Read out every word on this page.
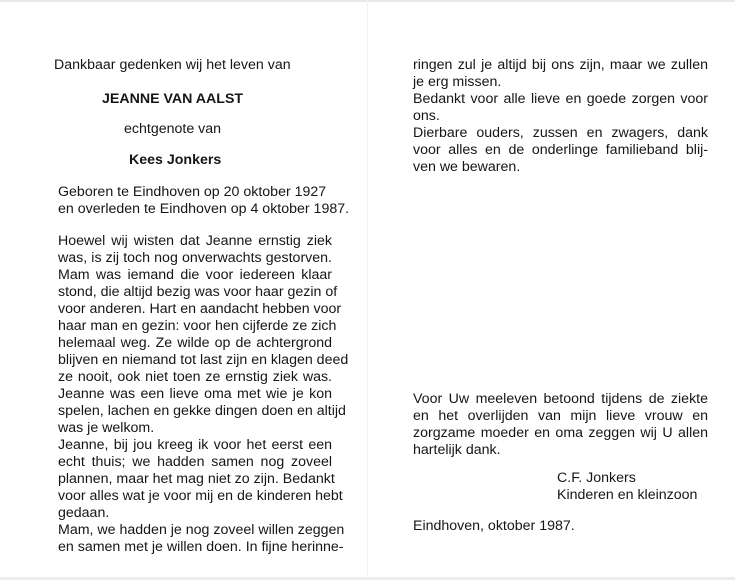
Dankbaar gedenken wij het leven van
JEANNE VAN AALST
echtgenote van
Kees Jonkers
Geboren te Eindhoven op 20 oktober 1927
en overleden te Eindhoven op 4 oktober 1987.
Hoewel wij wisten dat Jeanne ernstig ziek
was, is zij toch nog onverwachts gestorven.
Mam was iemand die voor iedereen klaar
stond, die altijd bezig was voor haar gezin of
voor anderen. Hart en aandacht hebben voor
haar man en gezin: voor hen cijferde ze zich
helemaal weg. Ze wilde op de achtergrond
blijven en niemand tot last zijn en klagen deed
ze nooit, ook niet toen ze ernstig ziek was.
Jeanne was een lieve oma met wie je kon
spelen, lachen en gekke dingen doen en altijd
was je welkom.
Jeanne, bij jou kreeg ik voor het eerst een
echt thuis; we hadden samen nog zoveel
plannen, maar het mag niet zo zijn. Bedankt
voor alles wat je voor mij en de kinderen hebt
gedaan.
Mam, we hadden je nog zoveel willen zeggen
en samen met je willen doen. In fijne herinne-
ringen zul je altijd bij ons zijn, maar we zullen
je erg missen.
Bedankt voor alle lieve en goede zorgen voor
ons.
Dierbare ouders, zussen en zwagers, dank
voor alles en de onderlinge familieband blij-
ven we bewaren.
Voor Uw meeleven betoond tijdens de ziekte
en het overlijden van mijn lieve vrouw en
zorgzame moeder en oma zeggen wij U allen
hartelijk dank.
C.F. Jonkers
Kinderen en kleinzoon
Eindhoven, oktober 1987.
